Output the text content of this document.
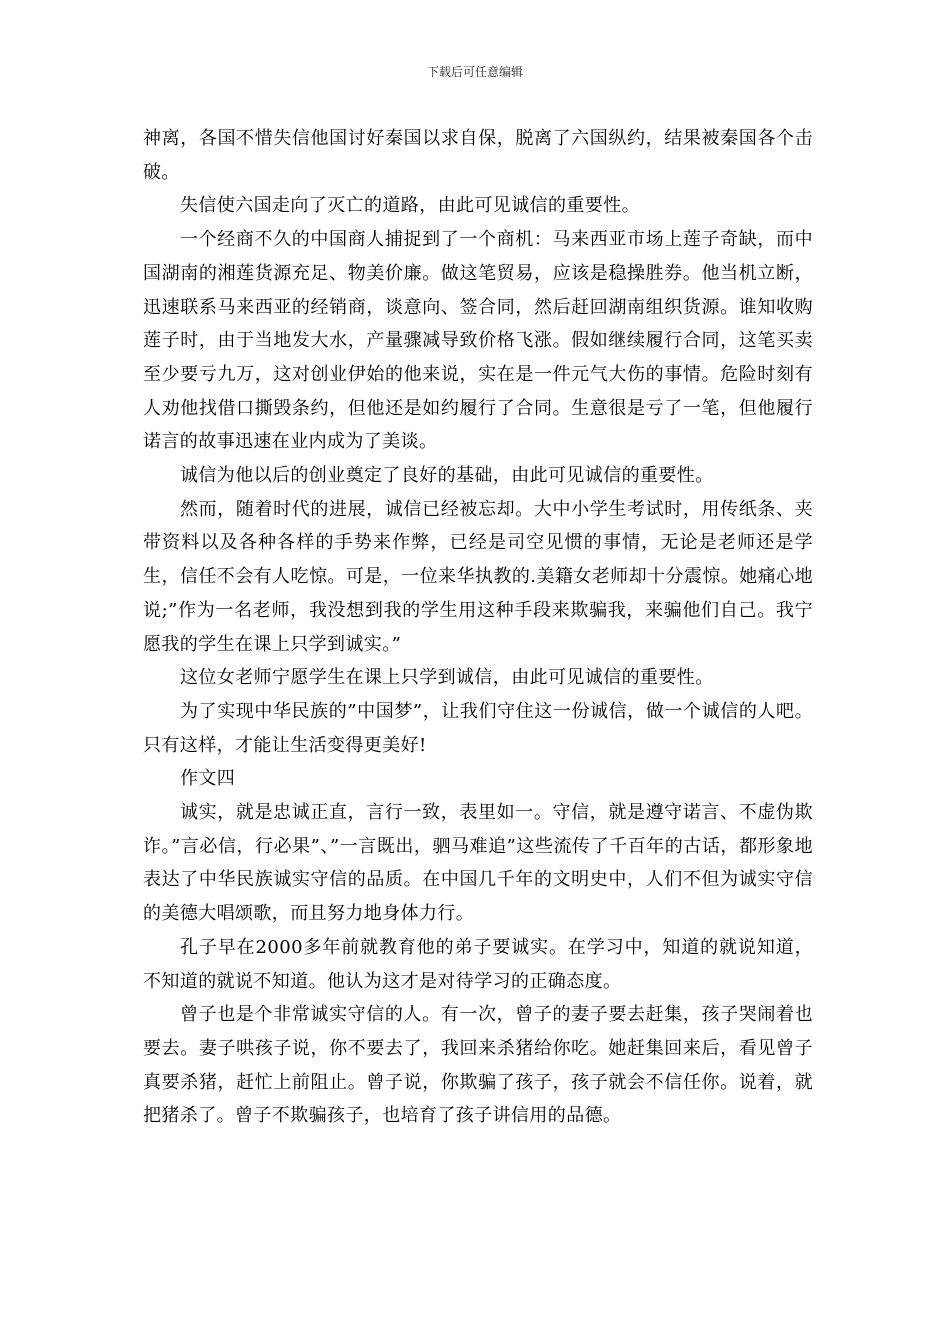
下载后可任意编辑

神离，各国不惜失信他国讨好秦国以求自保，脱离了六国纵约，结果被秦国各个击破。

失信使六国走向了灭亡的道路，由此可见诚信的重要性。

一个经商不久的中国商人捕捉到了一个商机：马来西亚市场上莲子奇缺，而中国湖南的湘莲货源充足、物美价廉。做这笔贸易，应该是稳操胜券。他当机立断，迅速联系马来西亚的经销商，谈意向、签合同，然后赶回湖南组织货源。谁知收购莲子时，由于当地发大水，产量骤减导致价格飞涨。假如继续履行合同，这笔买卖至少要亏九万，这对创业伊始的他来说，实在是一件元气大伤的事情。危险时刻有人劝他找借口撕毁条约，但他还是如约履行了合同。生意很是亏了一笔，但他履行诺言的故事迅速在业内成为了美谈。

诚信为他以后的创业奠定了良好的基础，由此可见诚信的重要性。

然而，随着时代的进展，诚信已经被忘却。大中小学生考试时，用传纸条、夹带资料以及各种各样的手势来作弊，已经是司空见惯的事情，无论是老师还是学生，信任不会有人吃惊。可是，一位来华执教的.美籍女老师却十分震惊。她痛心地说;”作为一名老师，我没想到我的学生用这种手段来欺骗我，来骗他们自己。我宁愿我的学生在课上只学到诚实。”

这位女老师宁愿学生在课上只学到诚信，由此可见诚信的重要性。

为了实现中华民族的”中国梦”，让我们守住这一份诚信，做一个诚信的人吧。只有这样，才能让生活变得更美好!

作文四

诚实，就是忠诚正直，言行一致，表里如一。守信，就是遵守诺言、不虚伪欺诈。”言必信，行必果”、”一言既出，驷马难追”这些流传了千百年的古话，都形象地表达了中华民族诚实守信的品质。在中国几千年的文明史中，人们不但为诚实守信的美德大唱颂歌，而且努力地身体力行。

孔子早在2000多年前就教育他的弟子要诚实。在学习中，知道的就说知道，不知道的就说不知道。他认为这才是对待学习的正确态度。

曾子也是个非常诚实守信的人。有一次，曾子的妻子要去赶集，孩子哭闹着也要去。妻子哄孩子说，你不要去了，我回来杀猪给你吃。她赶集回来后，看见曾子真要杀猪，赶忙上前阻止。曾子说，你欺骗了孩子，孩子就会不信任你。说着，就把猪杀了。曾子不欺骗孩子，也培育了孩子讲信用的品德。
